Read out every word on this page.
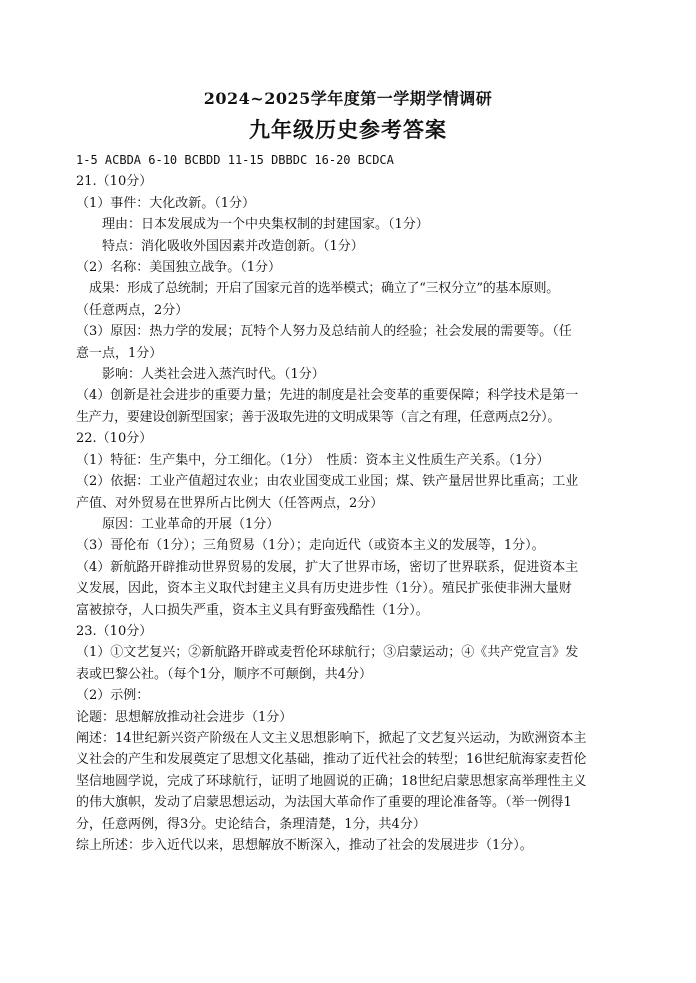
2024~2025学年度第一学期学情调研
九年级历史参考答案
1-5 ACBDA 6-10 BCBDD 11-15 DBBDC 16-20 BCDCA
21.（10分）
（1）事件：大化改新。（1分）
理由：日本发展成为一个中央集权制的封建国家。（1分）
特点：消化吸收外国因素并改造创新。（1分）
（2）名称：美国独立战争。（1分）
成果：形成了总统制；开启了国家元首的选举模式；确立了“三权分立”的基本原则。
（任意两点，2分）
（3）原因：热力学的发展；瓦特个人努力及总结前人的经验；社会发展的需要等。（任
意一点，1分）
影响：人类社会进入蒸汽时代。（1分）
（4）创新是社会进步的重要力量；先进的制度是社会变革的重要保障；科学技术是第一
生产力，要建设创新型国家；善于汲取先进的文明成果等（言之有理，任意两点2分）。
22.（10分）
（1）特征：生产集中，分工细化。（1分）　性质：资本主义性质生产关系。（1分）
（2）依据：工业产值超过农业；由农业国变成工业国；煤、铁产量居世界比重高；工业
产值、对外贸易在世界所占比例大（任答两点，2分）
原因：工业革命的开展（1分）
（3）哥伦布（1分）；三角贸易（1分）；走向近代（或资本主义的发展等，1分）。
（4）新航路开辟推动世界贸易的发展，扩大了世界市场，密切了世界联系，促进资本主
义发展，因此，资本主义取代封建主义具有历史进步性（1分）。殖民扩张使非洲大量财
富被掠夺，人口损失严重，资本主义具有野蛮残酷性（1分）。
23.（10分）
（1）①文艺复兴；②新航路开辟或麦哲伦环球航行；③启蒙运动；④《共产党宣言》发
表或巴黎公社。（每个1分，顺序不可颠倒，共4分）
（2）示例：
论题：思想解放推动社会进步（1分）
阐述：14世纪新兴资产阶级在人文主义思想影响下，掀起了文艺复兴运动，为欧洲资本主
义社会的产生和发展奠定了思想文化基础，推动了近代社会的转型；16世纪航海家麦哲伦
坚信地圆学说，完成了环球航行，证明了地圆说的正确；18世纪启蒙思想家高举理性主义
的伟大旗帜，发动了启蒙思想运动，为法国大革命作了重要的理论准备等。（举一例得1
分，任意两例，得3分。史论结合，条理清楚，1分，共4分）
综上所述：步入近代以来，思想解放不断深入，推动了社会的发展进步（1分）。
